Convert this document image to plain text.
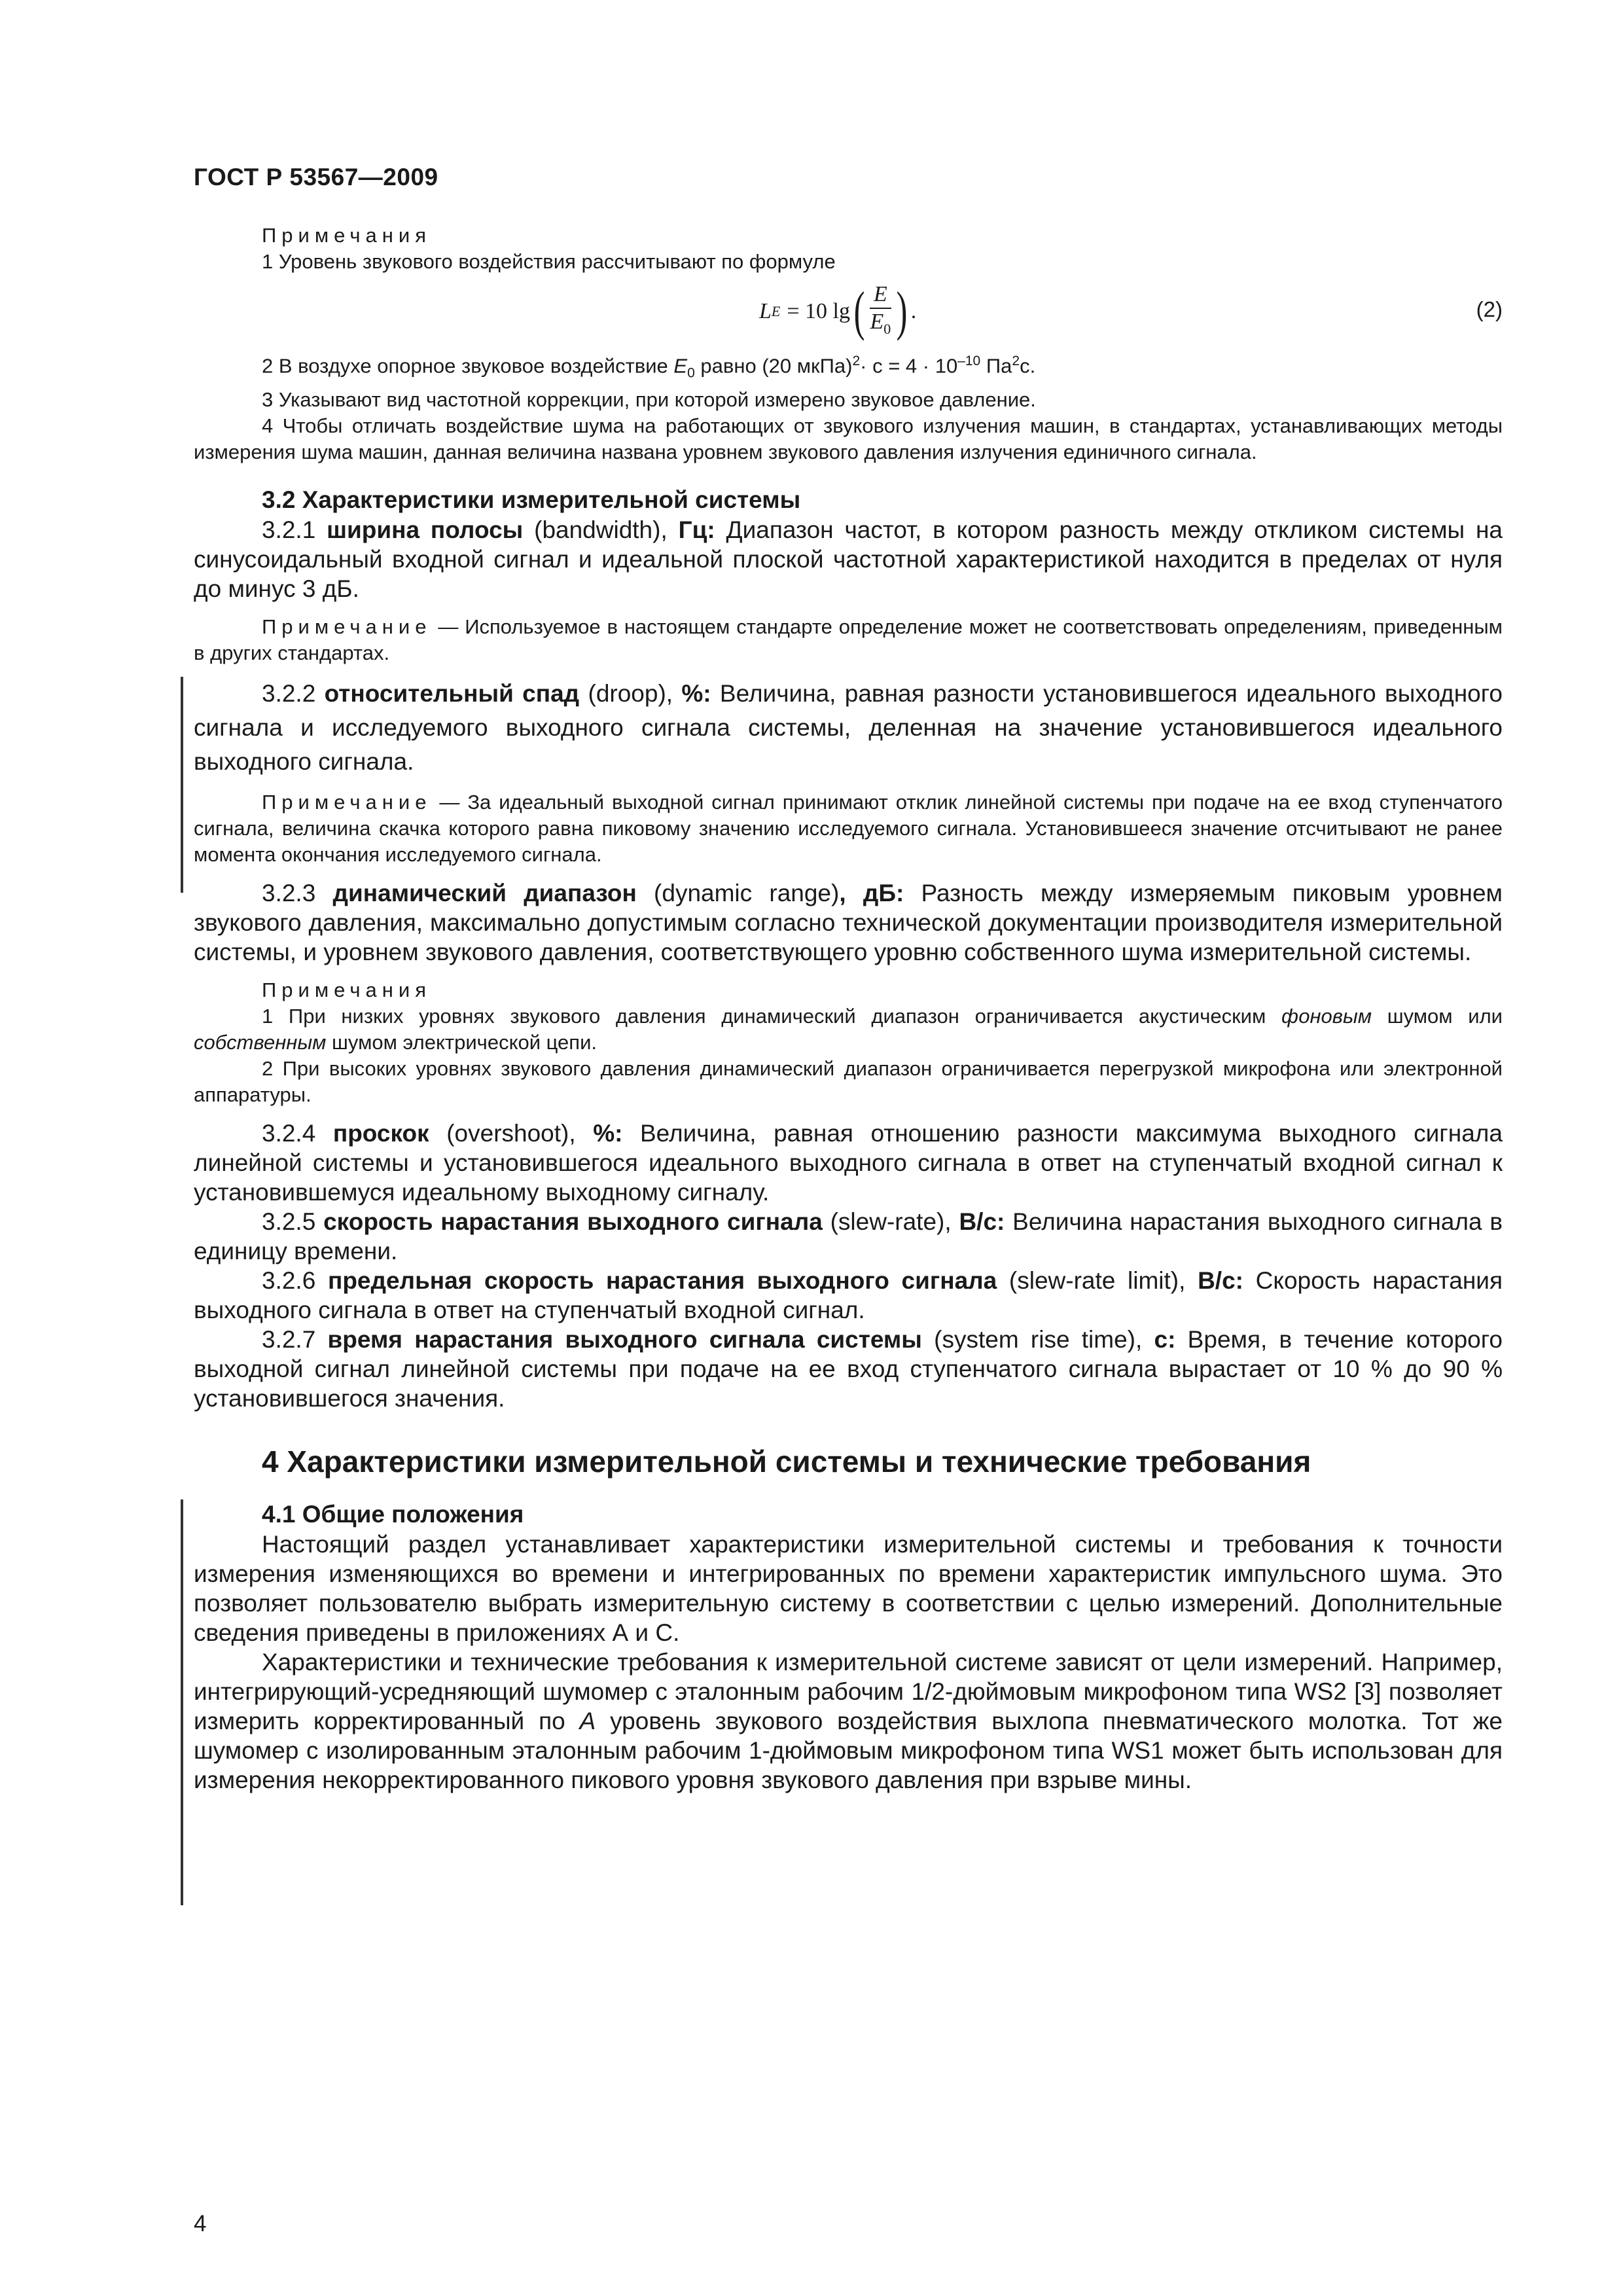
ГОСТ Р 53567—2009

Примечания

1 Уровень звукового воздействия рассчитывают по формуле

L E = 10 lg ( $\frac{E}{E_0}$ ) .	(2)

2 В воздухе опорное звуковое воздействие $E_0$ равно (20 мкПа)$^2$· $с = 4 \cdot 10^{-10}$ $Па^2с$.

3 Указывают вид частотной коррекции, при которой измерено звуковое давление.

4 Чтобы отличать воздействие шума на работающих от звукового излучения машин, в стандартах, устанавливающих методы измерения шума машин, данная величина названа уровнем звукового давления излучения единичного сигнала.

3.2 Характеристики измерительной системы

3.2.1 ширина полосы (bandwidth), Гц: Диапазон частот, в котором разность между откликом системы на синусоидальный входной сигнал и идеальной плоской частотной характеристикой находится в пределах от нуля до минус 3 дБ.

Примечание — Используемое в настоящем стандарте определение может не соответствовать определениям, приведенным в других стандартах.

3.2.2 относительный спад (droop), %: Величина, равная разности установившегося идеального выходного сигнала и исследуемого выходного сигнала системы, деленная на значение установившегося идеального выходного сигнала.

Примечание — За идеальный выходной сигнал принимают отклик линейной системы при подаче на ее вход ступенчатого сигнала, величина скачка которого равна пиковому значению исследуемого сигнала. Установившееся значение отсчитывают не ранее момента окончания исследуемого сигнала.

3.2.3 динамический диапазон (dynamic range), дБ: Разность между измеряемым пиковым уровнем звукового давления, максимально допустимым согласно технической документации производителя измерительной системы, и уровнем звукового давления, соответствующего уровню собственного шума измерительной системы.

Примечания

1 При низких уровнях звукового давления динамический диапазон ограничивается акустическим фоновым шумом или собственным шумом электрической цепи.

2 При высоких уровнях звукового давления динамический диапазон ограничивается перегрузкой микрофона или электронной аппаратуры.

3.2.4 проскок (overshoot), %: Величина, равная отношению разности максимума выходного сигнала линейной системы и установившегося идеального выходного сигнала в ответ на ступенчатый входной сигнал к установившемуся идеальному выходному сигналу.

3.2.5 скорость нарастания выходного сигнала (slew-rate), В/с: Величина нарастания выходного сигнала в единицу времени.

3.2.6 предельная скорость нарастания выходного сигнала (slew-rate limit), В/с: Скорость нарастания выходного сигнала в ответ на ступенчатый входной сигнал.

3.2.7 время нарастания выходного сигнала системы (system rise time), с: Время, в течение которого выходной сигнал линейной системы при подаче на ее вход ступенчатого сигнала вырастает от 10 % до 90 % установившегося значения.

4 Характеристики измерительной системы и технические требования

4.1 Общие положения

Настоящий раздел устанавливает характеристики измерительной системы и требования к точности измерения изменяющихся во времени и интегрированных по времени характеристик импульсного шума. Это позволяет пользователю выбрать измерительную систему в соответствии с целью измерений. Дополнительные сведения приведены в приложениях А и С.

Характеристики и технические требования к измерительной системе зависят от цели измерений. Например, интегрирующий-усредняющий шумомер с эталонным рабочим 1/2-дюймовым микрофоном типа WS2 [3] позволяет измерить корректированный по А уровень звукового воздействия выхлопа пневматического молотка. Тот же шумомер с изолированным эталонным рабочим 1-дюймовым микрофоном типа WS1 может быть использован для измерения некорректированного пикового уровня звукового давления при взрыве мины.

4
